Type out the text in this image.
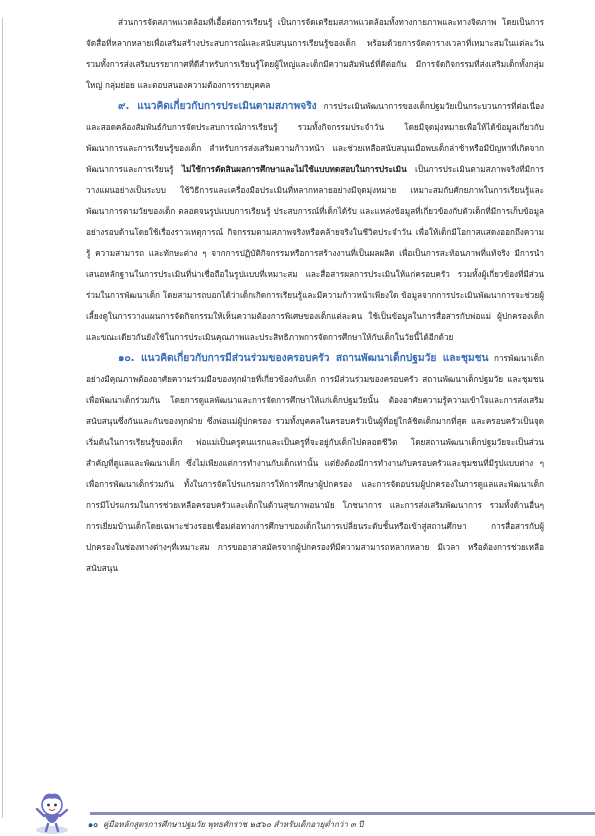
ส่วนการจัดสภาพแวดล้อมที่เอื้อต่อการเรียนรู้ เป็นการจัดเตรียมสภาพแวดล้อมทั้งทางกายภาพและทางจิตภาพ โดยเป็นการจัดสื่อที่หลากหลายเพื่อเสริมสร้างประสบการณ์และสนับสนุนการเรียนรู้ของเด็ก พร้อมด้วยการจัดตารางเวลาที่เหมาะสมในแต่ละวัน รวมทั้งการส่งเสริมบรรยากาศที่ดีสำหรับการเรียนรู้โดยผู้ใหญ่และเด็กมีความสัมพันธ์ที่ดีต่อกัน มีการจัดกิจกรรมที่ส่งเสริมเด็กทั้งกลุ่มใหญ่ กลุ่มย่อย และตอบสนองความต้องการรายบุคคล

๙. แนวคิดเกี่ยวกับการประเมินตามสภาพจริง การประเมินพัฒนาการของเด็กปฐมวัยเป็นกระบวนการที่ต่อเนื่องและสอดคล้องสัมพันธ์กับการจัดประสบการณ์การเรียนรู้ รวมทั้งกิจกรรมประจำวัน โดยมีจุดมุ่งหมายเพื่อให้ได้ข้อมูลเกี่ยวกับพัฒนาการและการเรียนรู้ของเด็ก สำหรับการส่งเสริมความก้าวหน้า และช่วยเหลือสนับสนุนเมื่อพบเด็กล่าช้าหรือมีปัญหาที่เกิดจากพัฒนาการและการเรียนรู้ ไม่ใช้การตัดสินผลการศึกษาและไม่ใช้แบบทดสอบในการประเมิน เป็นการประเมินตามสภาพจริงที่มีการวางแผนอย่างเป็นระบบ ใช้วิธีการและเครื่องมือประเมินที่หลากหลายอย่างมีจุดมุ่งหมาย เหมาะสมกับศักยภาพในการเรียนรู้และพัฒนาการตามวัยของเด็ก ตลอดจนรูปแบบการเรียนรู้ ประสบการณ์ที่เด็กได้รับ และแหล่งข้อมูลที่เกี่ยวข้องกับตัวเด็กที่มีการเก็บข้อมูลอย่างรอบด้านโดยใช้เรื่องราวเหตุการณ์ กิจกรรมตามสภาพจริงหรือคล้ายจริงในชีวิตประจำวัน เพื่อให้เด็กมีโอกาสแสดงออกถึงความรู้ ความสามารถ และทักษะต่าง ๆ จากการปฏิบัติกิจกรรมหรือการสร้างงานที่เป็นผลผลิต เพื่อเป็นการสะท้อนภาพที่แท้จริง มีการนำเสนอหลักฐานในการประเมินที่น่าเชื่อถือในรูปแบบที่เหมาะสม และสื่อสารผลการประเมินให้แก่ครอบครัว รวมทั้งผู้เกี่ยวข้องที่มีส่วนร่วมในการพัฒนาเด็ก โดยสามารถบอกได้ว่าเด็กเกิดการเรียนรู้และมีความก้าวหน้าเพียงใด ข้อมูลจากการประเมินพัฒนาการจะช่วยผู้เลี้ยงดูในการวางแผนการจัดกิจกรรมให้เห็นความต้องการพิเศษของเด็กแต่ละคน ใช้เป็นข้อมูลในการสื่อสารกับพ่อแม่ ผู้ปกครองเด็ก และขณะเดียวกันยังใช้ในการประเมินคุณภาพและประสิทธิภาพการจัดการศึกษาให้กับเด็กในวัยนี้ได้อีกด้วย

๑๐. แนวคิดเกี่ยวกับการมีส่วนร่วมของครอบครัว สถานพัฒนาเด็กปฐมวัย และชุมชน การพัฒนาเด็กอย่างมีคุณภาพต้องอาศัยความร่วมมือของทุกฝ่ายที่เกี่ยวข้องกับเด็ก การมีส่วนร่วมของครอบครัว สถานพัฒนาเด็กปฐมวัย และชุมชน เพื่อพัฒนาเด็กร่วมกัน โดยการดูแลพัฒนาและการจัดการศึกษาให้แก่เด็กปฐมวัยนั้น ต้องอาศัยความรู้ความเข้าใจและการส่งเสริมสนับสนุนซึ่งกันและกันของทุกฝ่าย ซึ่งพ่อแม่ผู้ปกครอง รวมทั้งบุคคลในครอบครัวเป็นผู้ที่อยู่ใกล้ชิดเด็กมากที่สุด และครอบครัวเป็นจุดเริ่มต้นในการเรียนรู้ของเด็ก พ่อแม่เป็นครูคนแรกและเป็นครูที่จะอยู่กับเด็กไปตลอดชีวิต โดยสถานพัฒนาเด็กปฐมวัยจะเป็นส่วนสำคัญที่ดูแลและพัฒนาเด็ก ซึ่งไม่เพียงแต่การทำงานกับเด็กเท่านั้น แต่ยังต้องมีการทำงานกับครอบครัวและชุมชนที่มีรูปแบบต่าง ๆ เพื่อการพัฒนาเด็กร่วมกัน ทั้งในการจัดโปรแกรมการให้การศึกษาผู้ปกครอง และการจัดอบรมผู้ปกครองในการดูแลและพัฒนาเด็ก การมีโปรแกรมในการช่วยเหลือครอบครัวและเด็กในด้านสุขภาพอนามัย โภชนาการ และการส่งเสริมพัฒนาการ รวมทั้งด้านอื่นๆ การเยี่ยมบ้านเด็กโดยเฉพาะช่วงรอยเชื่อมต่อทางการศึกษาของเด็กในการเปลี่ยนระดับชั้นหรือเข้าสู่สถานศึกษา การสื่อสารกับผู้ปกครองในช่องทางต่างๆที่เหมาะสม การขออาสาสมัครจากผู้ปกครองที่มีความสามารถหลากหลาย มีเวลา หรือต้องการช่วยเหลือสนับสนุน

๑๐ คู่มือหลักสูตรการศึกษาปฐมวัย พุทธศักราช ๒๕๖๐ สำหรับเด็กอายุต่ำกว่า ๓ ปี
